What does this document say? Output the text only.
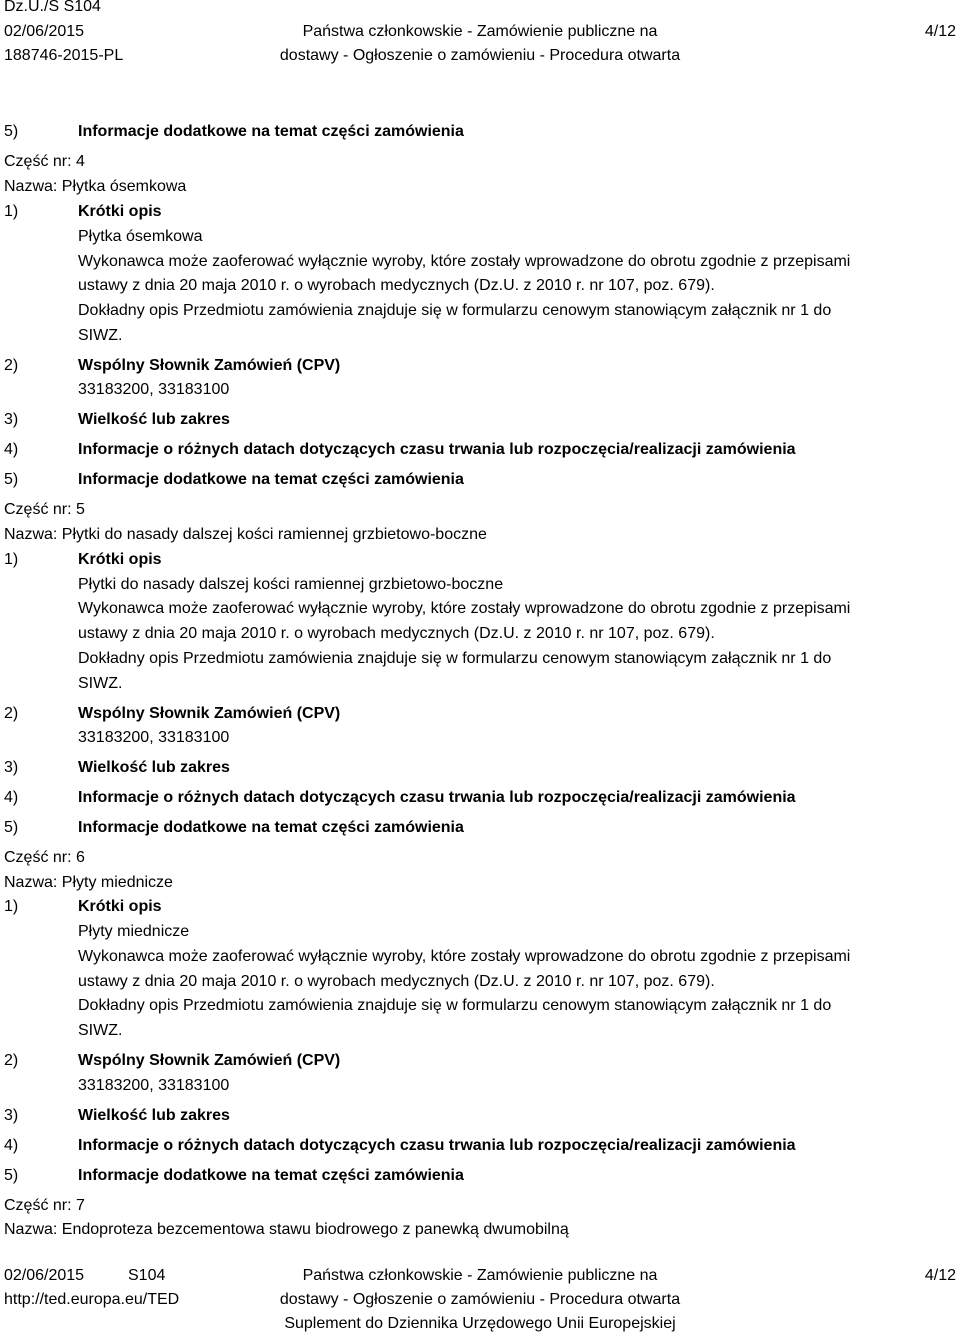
Dz.U./S S104
02/06/2015
188746-2015-PL
Państwa członkowskie - Zamówienie publiczne na
dostawy - Ogłoszenie o zamówieniu - Procedura otwarta
4/12
5)	Informacje dodatkowe na temat części zamówienia
Część nr: 4
Nazwa: Płytka ósemkowa
1)	Krótki opis
Płytka ósemkowa
Wykonawca może zaoferować wyłącznie wyroby, które zostały wprowadzone do obrotu zgodnie z przepisami
ustawy z dnia 20 maja 2010 r. o wyrobach medycznych (Dz.U. z 2010 r. nr 107, poz. 679).
Dokładny opis Przedmiotu zamówienia znajduje się w formularzu cenowym stanowiącym załącznik nr 1 do
SIWZ.
2)	Wspólny Słownik Zamówień (CPV)
33183200, 33183100
3)	Wielkość lub zakres
4)	Informacje o różnych datach dotyczących czasu trwania lub rozpoczęcia/realizacji zamówienia
5)	Informacje dodatkowe na temat części zamówienia
Część nr: 5
Nazwa: Płytki do nasady dalszej kości ramiennej grzbietowo-boczne
1)	Krótki opis
Płytki do nasady dalszej kości ramiennej grzbietowo-boczne
Wykonawca może zaoferować wyłącznie wyroby, które zostały wprowadzone do obrotu zgodnie z przepisami
ustawy z dnia 20 maja 2010 r. o wyrobach medycznych (Dz.U. z 2010 r. nr 107, poz. 679).
Dokładny opis Przedmiotu zamówienia znajduje się w formularzu cenowym stanowiącym załącznik nr 1 do
SIWZ.
2)	Wspólny Słownik Zamówień (CPV)
33183200, 33183100
3)	Wielkość lub zakres
4)	Informacje o różnych datach dotyczących czasu trwania lub rozpoczęcia/realizacji zamówienia
5)	Informacje dodatkowe na temat części zamówienia
Część nr: 6
Nazwa: Płyty miednicze
1)	Krótki opis
Płyty miednicze
Wykonawca może zaoferować wyłącznie wyroby, które zostały wprowadzone do obrotu zgodnie z przepisami
ustawy z dnia 20 maja 2010 r. o wyrobach medycznych (Dz.U. z 2010 r. nr 107, poz. 679).
Dokładny opis Przedmiotu zamówienia znajduje się w formularzu cenowym stanowiącym załącznik nr 1 do
SIWZ.
2)	Wspólny Słownik Zamówień (CPV)
33183200, 33183100
3)	Wielkość lub zakres
4)	Informacje o różnych datach dotyczących czasu trwania lub rozpoczęcia/realizacji zamówienia
5)	Informacje dodatkowe na temat części zamówienia
Część nr: 7
Nazwa: Endoproteza bezcementowa stawu biodrowego z panewką dwumobilną
02/06/2015	S104
http://ted.europa.eu/TED
Państwa członkowskie - Zamówienie publiczne na
dostawy - Ogłoszenie o zamówieniu - Procedura otwarta
Suplement do Dziennika Urzędowego Unii Europejskiej
4/12
